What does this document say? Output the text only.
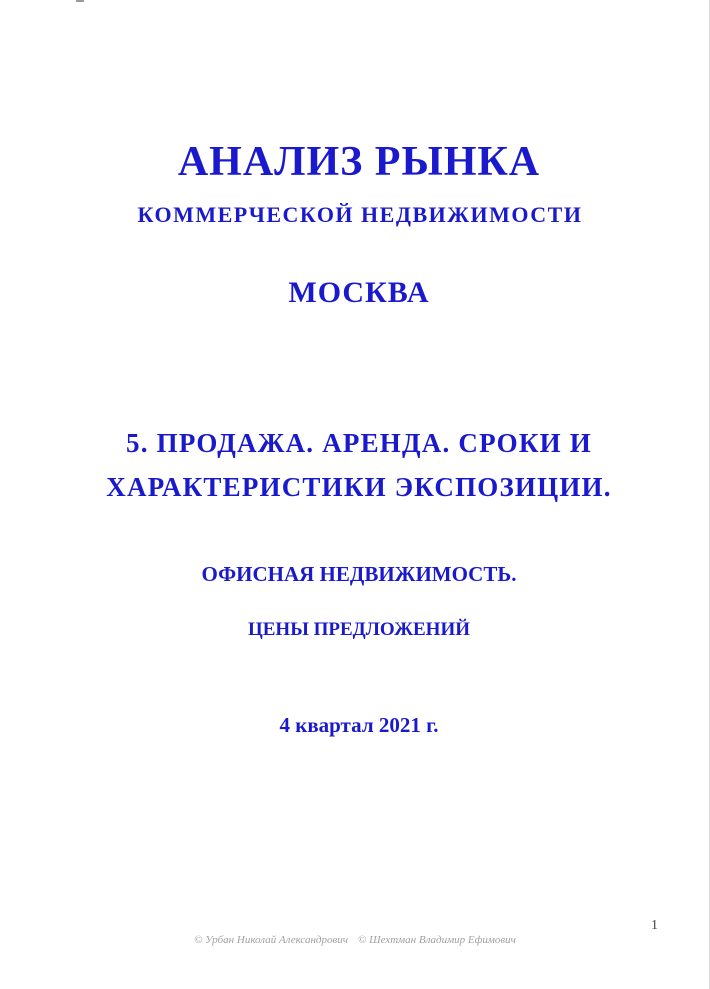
АНАЛИЗ РЫНКА
КОММЕРЧЕСКОЙ НЕДВИЖИМОСТИ
МОСКВА
5. ПРОДАЖА. АРЕНДА. СРОКИ И
ХАРАКТЕРИСТИКИ ЭКСПОЗИЦИИ.
ОФИСНАЯ НЕДВИЖИМОСТЬ.
ЦЕНЫ ПРЕДЛОЖЕНИЙ
4 квартал 2021 г.
1
© Урбан Николай Александрович © Шехтман Владимир Ефимович
